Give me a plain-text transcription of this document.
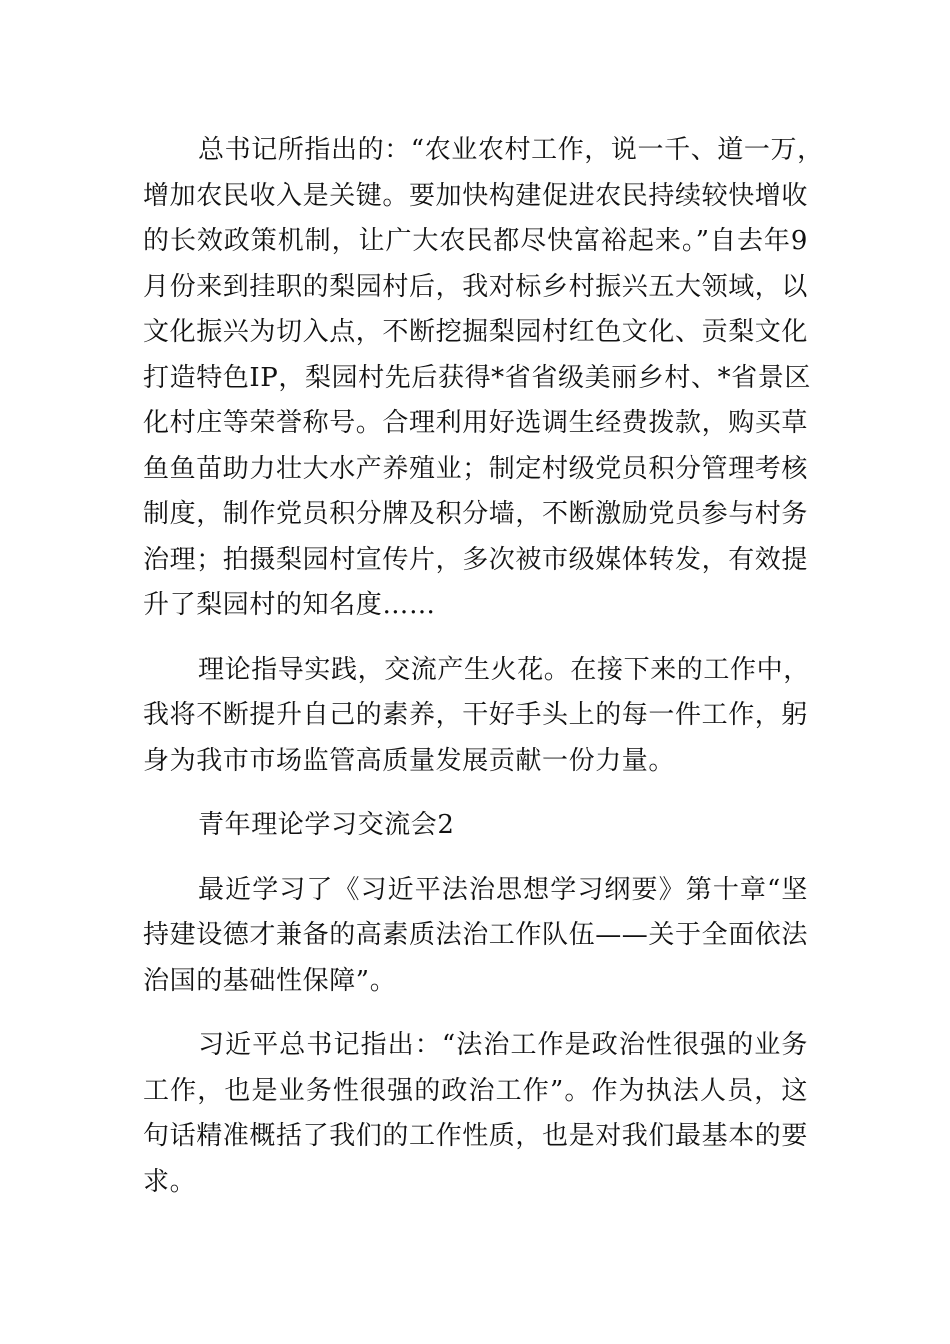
总书记所指出的：“农业农村工作，说一千、道一万，
增加农民收入是关键。要加快构建促进农民持续较快增收
的长效政策机制，让广大农民都尽快富裕起来。”自去年9
月份来到挂职的梨园村后，我对标乡村振兴五大领域，以
文化振兴为切入点，不断挖掘梨园村红色文化、贡梨文化
打造特色IP，梨园村先后获得*省省级美丽乡村、*省景区
化村庄等荣誉称号。合理利用好选调生经费拨款，购买草
鱼鱼苗助力壮大水产养殖业；制定村级党员积分管理考核
制度，制作党员积分牌及积分墙，不断激励党员参与村务
治理；拍摄梨园村宣传片，多次被市级媒体转发，有效提
升了梨园村的知名度……
理论指导实践，交流产生火花。在接下来的工作中，
我将不断提升自己的素养，干好手头上的每一件工作，躬
身为我市市场监管高质量发展贡献一份力量。
青年理论学习交流会2
最近学习了《习近平法治思想学习纲要》第十章“坚
持建设德才兼备的高素质法治工作队伍——关于全面依法
治国的基础性保障”。
习近平总书记指出：“法治工作是政治性很强的业务
工作，也是业务性很强的政治工作”。作为执法人员，这
句话精准概括了我们的工作性质，也是对我们最基本的要
求。
